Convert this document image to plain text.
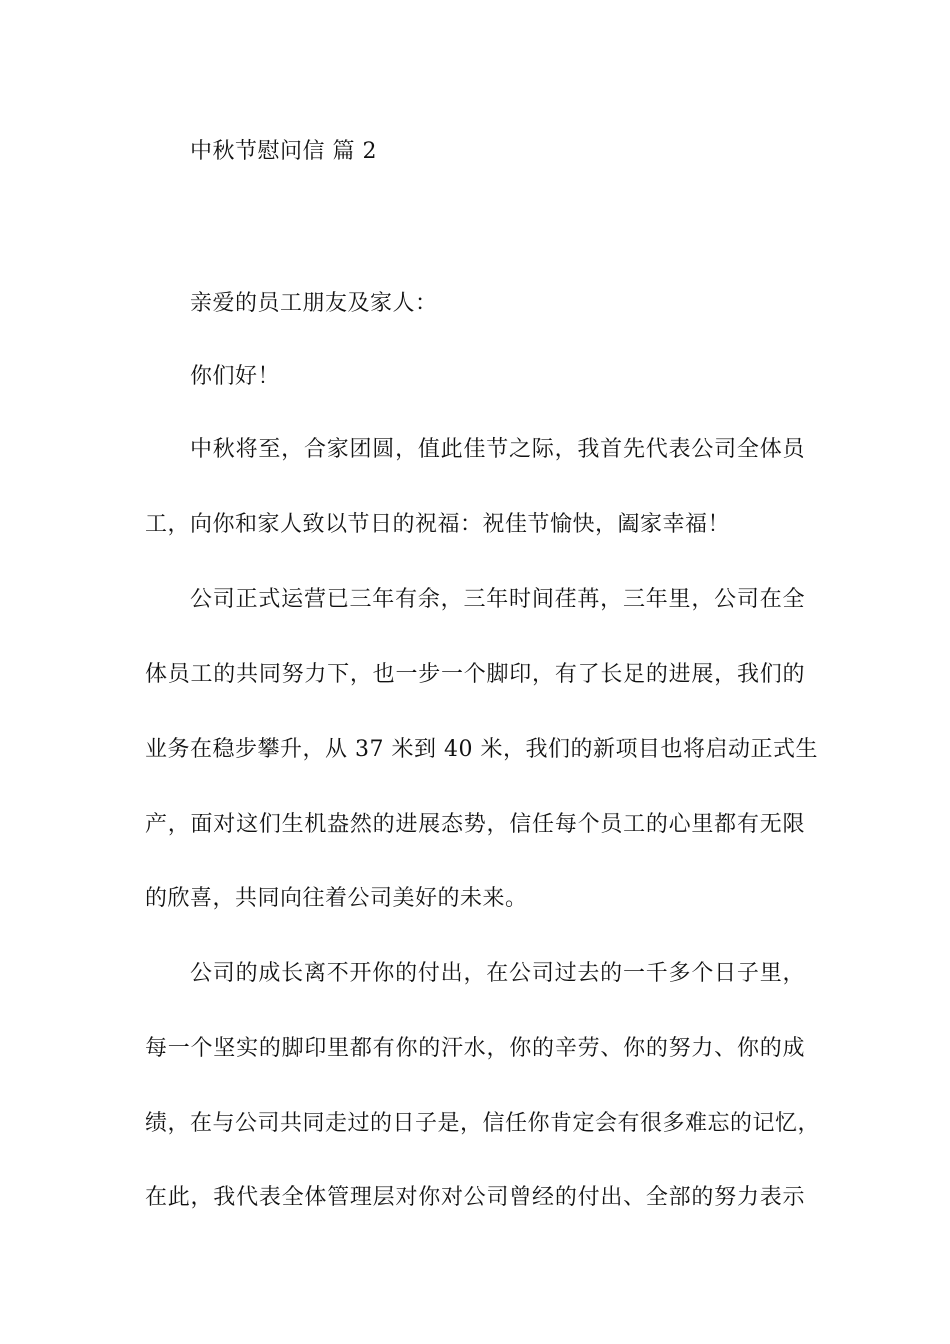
中秋节慰问信 篇 2
亲爱的员工朋友及家人：
你们好！
中秋将至，合家团圆，值此佳节之际，我首先代表公司全体员
工，向你和家人致以节日的祝福：祝佳节愉快，阖家幸福！
公司正式运营已三年有余，三年时间荏苒，三年里，公司在全
体员工的共同努力下，也一步一个脚印，有了长足的进展，我们的
业务在稳步攀升，从 37 米到 40 米，我们的新项目也将启动正式生
产，面对这们生机盎然的进展态势，信任每个员工的心里都有无限
的欣喜，共同向往着公司美好的未来。
公司的成长离不开你的付出，在公司过去的一千多个日子里，
每一个坚实的脚印里都有你的汗水，你的辛劳、你的努力、你的成
绩，在与公司共同走过的日子是，信任你肯定会有很多难忘的记忆，
在此，我代表全体管理层对你对公司曾经的付出、全部的努力表示
